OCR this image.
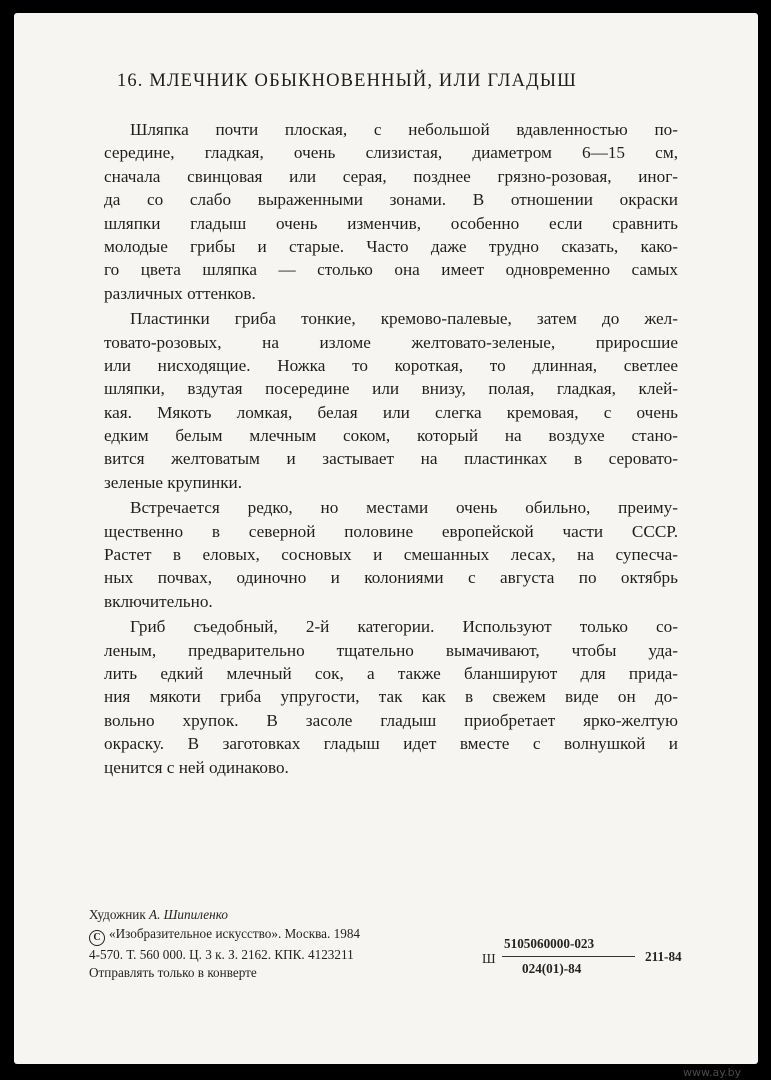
16. МЛЕЧНИК ОБЫКНОВЕННЫЙ, ИЛИ ГЛАДЫШ
Шляпка почти плоская, с небольшой вдавленностью по-
середине, гладкая, очень слизистая, диаметром 6—15 см,
сначала свинцовая или серая, позднее грязно-розовая, иног-
да со слабо выраженными зонами. В отношении окраски
шляпки гладыш очень изменчив, особенно если сравнить
молодые грибы и старые. Часто даже трудно сказать, како-
го цвета шляпка — столько она имеет одновременно самых
различных оттенков.
Пластинки гриба тонкие, кремово-палевые, затем до жел-
товато-розовых, на изломе желтовато-зеленые, приросшие
или нисходящие. Ножка то короткая, то длинная, светлее
шляпки, вздутая посередине или внизу, полая, гладкая, клей-
кая. Мякоть ломкая, белая или слегка кремовая, с очень
едким белым млечным соком, который на воздухе стано-
вится желтоватым и застывает на пластинках в серовато-
зеленые крупинки.
Встречается редко, но местами очень обильно, преиму-
щественно в северной половине европейской части СССР.
Растет в еловых, сосновых и смешанных лесах, на супесча-
ных почвах, одиночно и колониями с августа по октябрь
включительно.
Гриб съедобный, 2-й категории. Используют только со-
леным, предварительно тщательно вымачивают, чтобы уда-
лить едкий млечный сок, а также бланшируют для прида-
ния мякоти гриба упругости, так как в свежем виде он до-
вольно хрупок. В засоле гладыш приобретает ярко-желтую
окраску. В заготовках гладыш идет вместе с волнушкой и
ценится с ней одинаково.
Художник А. Шипиленко
C «Изобразительное искусство». Москва. 1984
4-570. Т. 560 000. Ц. 3 к. З. 2162. КПК. 4123211
Отправлять только в конверте
Ш
5105060000-023
024(01)-84
211-84
www.ay.by
